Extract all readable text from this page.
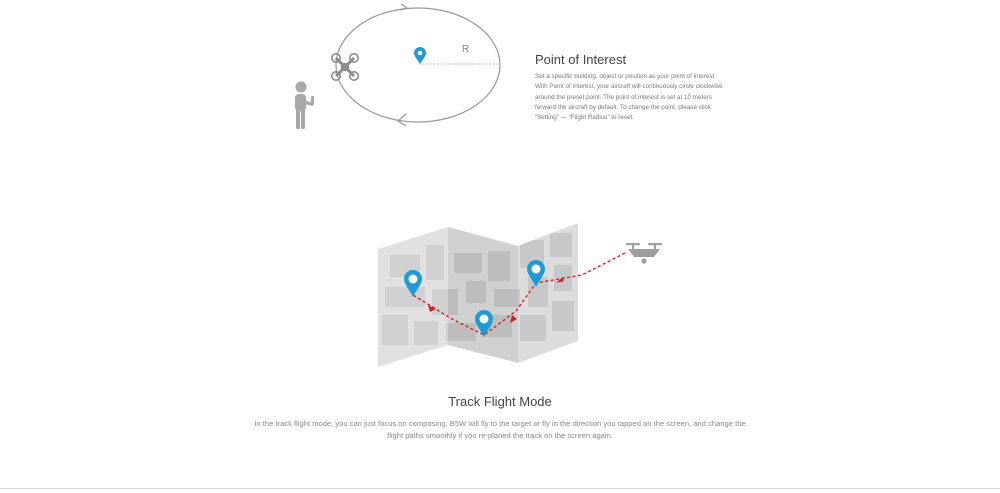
R
Point of Interest

Set a specific building, object or position as your point of interest. With Point of Interest, your aircraft will continuously circle clockwise around the preset point. The point of interest is set at 10 meters forward the aircraft by default. To change the point, please click “Setting” — “Flight Radius” to reset.

Track Flight Mode

In the track flight mode, you can just focus on composing, B5W will fly to the target or fly in the direction you tapped on the screen, and change the flight paths smoothly if you re-planed the track on the screen again.
